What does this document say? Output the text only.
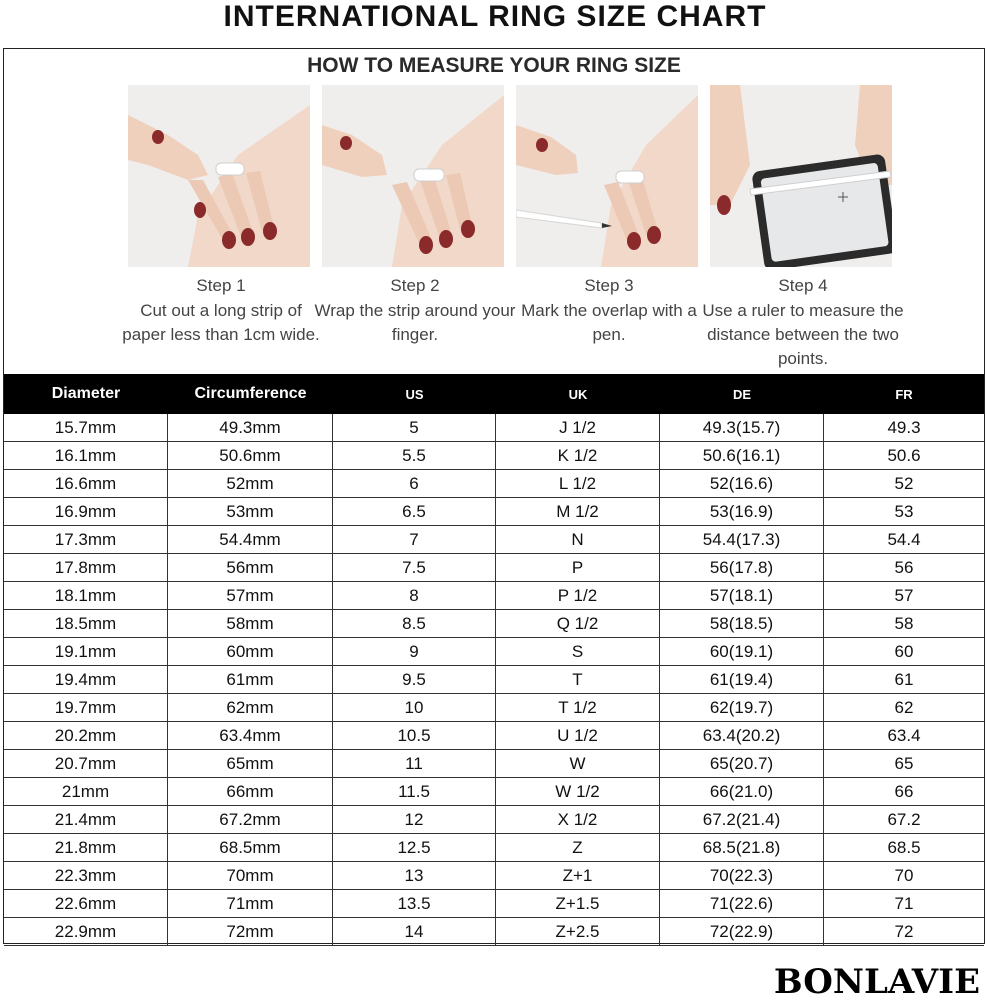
INTERNATIONAL RING SIZE CHART
HOW TO MEASURE YOUR RING SIZE
Step 1
Cut out a long strip of paper less than 1cm wide.
Step 2
Wrap the strip around your finger.
Step 3
Mark the overlap with a pen.
Step 4
Use a ruler to measure the distance between the two points.
Diameter	Circumference	US	UK	DE	FR
15.7mm	49.3mm	5	J 1/2	49.3(15.7)	49.3
16.1mm	50.6mm	5.5	K 1/2	50.6(16.1)	50.6
16.6mm	52mm	6	L 1/2	52(16.6)	52
16.9mm	53mm	6.5	M 1/2	53(16.9)	53
17.3mm	54.4mm	7	N	54.4(17.3)	54.4
17.8mm	56mm	7.5	P	56(17.8)	56
18.1mm	57mm	8	P 1/2	57(18.1)	57
18.5mm	58mm	8.5	Q 1/2	58(18.5)	58
19.1mm	60mm	9	S	60(19.1)	60
19.4mm	61mm	9.5	T	61(19.4)	61
19.7mm	62mm	10	T 1/2	62(19.7)	62
20.2mm	63.4mm	10.5	U 1/2	63.4(20.2)	63.4
20.7mm	65mm	11	W	65(20.7)	65
21mm	66mm	11.5	W 1/2	66(21.0)	66
21.4mm	67.2mm	12	X 1/2	67.2(21.4)	67.2
21.8mm	68.5mm	12.5	Z	68.5(21.8)	68.5
22.3mm	70mm	13	Z+1	70(22.3)	70
22.6mm	71mm	13.5	Z+1.5	71(22.6)	71
22.9mm	72mm	14	Z+2.5	72(22.9)	72
BONLAVIE
